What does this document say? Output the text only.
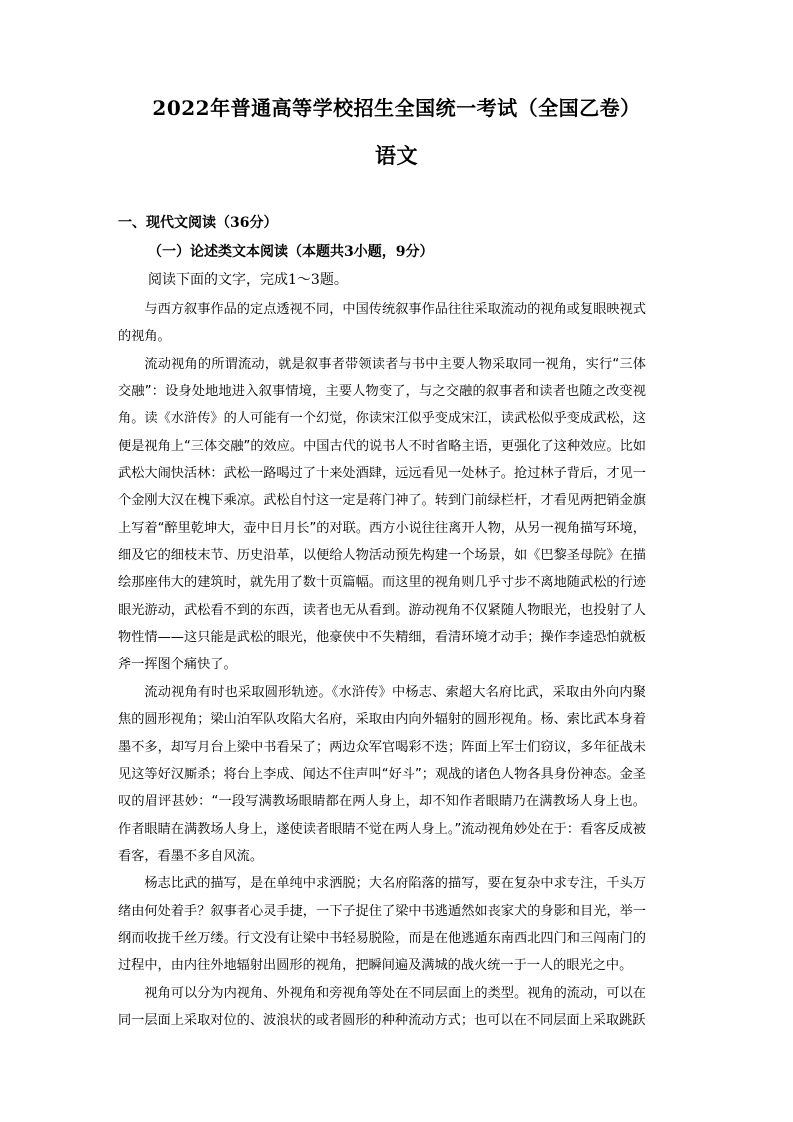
2022年普通高等学校招生全国统一考试（全国乙卷）
语文
一、现代文阅读（36分）
（一）论述类文本阅读（本题共3小题，9分）
阅读下面的文字，完成1～3题。

与西方叙事作品的定点透视不同，中国传统叙事作品往往采取流动的视角或复眼映视式的视角。

流动视角的所谓流动，就是叙事者带领读者与书中主要人物采取同一视角，实行“三体交融”：设身处地地进入叙事情境，主要人物变了，与之交融的叙事者和读者也随之改变视角。读《水浒传》的人可能有一个幻觉，你读宋江似乎变成宋江，读武松似乎变成武松，这便是视角上“三体交融”的效应。中国古代的说书人不时省略主语，更强化了这种效应。比如武松大闹快活林：武松一路喝过了十来处酒肆，远远看见一处林子。抢过林子背后，才见一个金刚大汉在槐下乘凉。武松自忖这一定是蒋门神了。转到门前绿栏杆，才看见两把销金旗上写着“醉里乾坤大，壶中日月长”的对联。西方小说往往离开人物，从另一视角描写环境，细及它的细枝末节、历史沿革，以便给人物活动预先构建一个场景，如《巴黎圣母院》在描绘那座伟大的建筑时，就先用了数十页篇幅。而这里的视角则几乎寸步不离地随武松的行迹眼光游动，武松看不到的东西，读者也无从看到。游动视角不仅紧随人物眼光，也投射了人物性情——这只能是武松的眼光，他豪侠中不失精细，看清环境才动手；操作李逵恐怕就板斧一挥图个痛快了。

流动视角有时也采取圆形轨迹。《水浒传》中杨志、索超大名府比武，采取由外向内聚焦的圆形视角；梁山泊军队攻陷大名府，采取由内向外辐射的圆形视角。杨、索比武本身着墨不多，却写月台上梁中书看呆了；两边众军官喝彩不迭；阵面上军士们窃议，多年征战未见这等好汉厮杀；将台上李成、闻达不住声叫“好斗”；观战的诸色人物各具身份神态。金圣叹的眉评甚妙：“一段写满教场眼睛都在两人身上，却不知作者眼睛乃在满教场人身上也。作者眼睛在满教场人身上，遂使读者眼睛不觉在两人身上。”流动视角妙处在于：看客反成被看客，看墨不多自风流。

杨志比武的描写，是在单纯中求洒脱；大名府陷落的描写，要在复杂中求专注，千头万绪由何处着手？叙事者心灵手捷，一下子捉住了梁中书逃遁然如丧家犬的身影和目光，举一纲而收拢千丝万缕。行文没有让梁中书轻易脱险，而是在他逃遁东南西北四门和三闯南门的过程中，由内往外地辐射出圆形的视角，把瞬间遍及满城的战火统一于一人的眼光之中。

视角可以分为内视角、外视角和旁视角等处在不同层面上的类型。视角的流动，可以在同一层面上采取对位的、波浪状的或者圆形的种种流动方式；也可以在不同层面上采取跳跃
